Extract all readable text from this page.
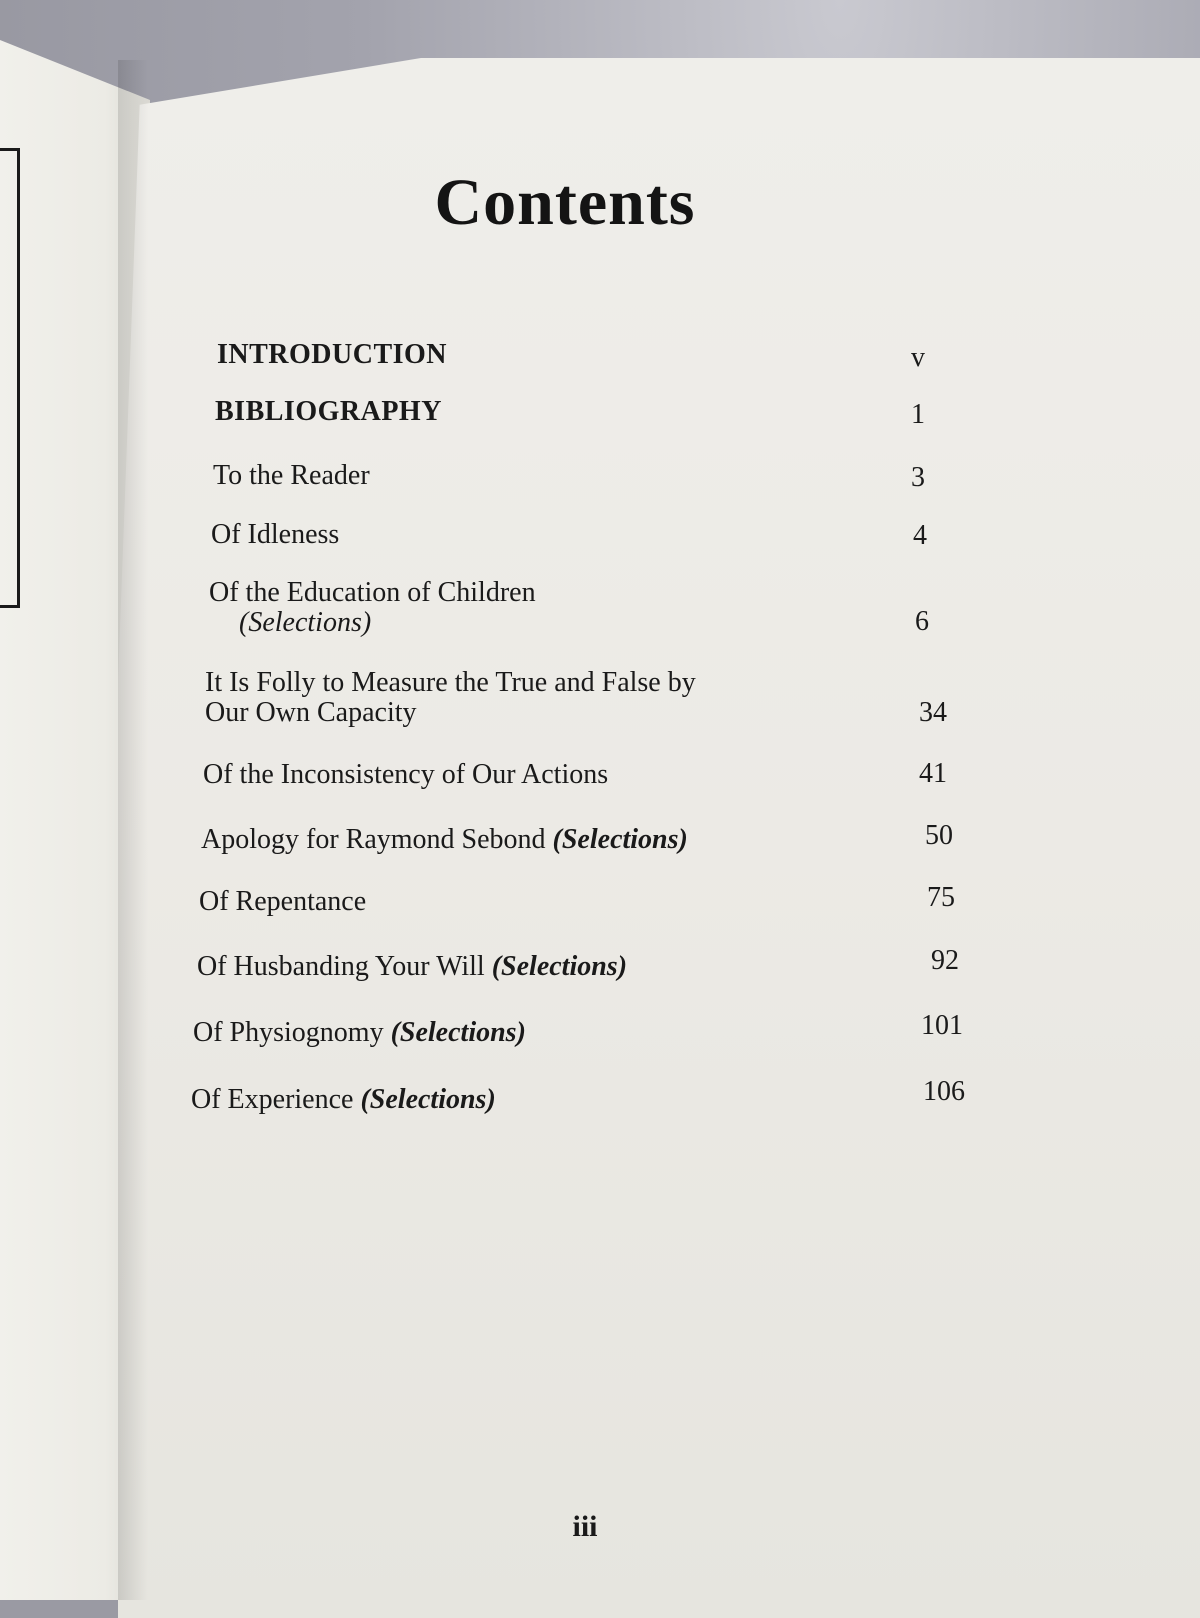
Contents
INTRODUCTION	v
BIBLIOGRAPHY	1
To the Reader	3
Of Idleness	4
Of the Education of Children
(Selections)	6
It Is Folly to Measure the True and False by
Our Own Capacity	34
Of the Inconsistency of Our Actions	41
Apology for Raymond Sebond (Selections)	50
Of Repentance	75
Of Husbanding Your Will (Selections)	92
Of Physiognomy (Selections)	101
Of Experience (Selections)	106
iii
